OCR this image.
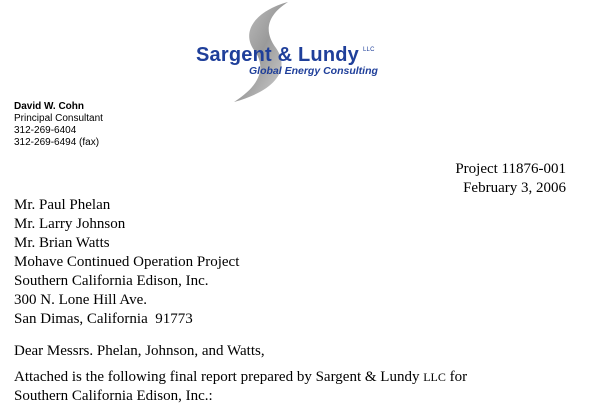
Sargent & Lundy $^{LLC}$
Global Energy Consulting
David W. Cohn
Principal Consultant
312-269-6404
312-269-6494 (fax)
Project 11876-001
February 3, 2006
Mr. Paul Phelan
Mr. Larry Johnson
Mr. Brian Watts
Mohave Continued Operation Project
Southern California Edison, Inc.
300 N. Lone Hill Ave.
San Dimas, California  91773
Dear Messrs. Phelan, Johnson, and Watts,
Attached is the following final report prepared by Sargent & Lundy LLC for Southern California Edison, Inc.:
